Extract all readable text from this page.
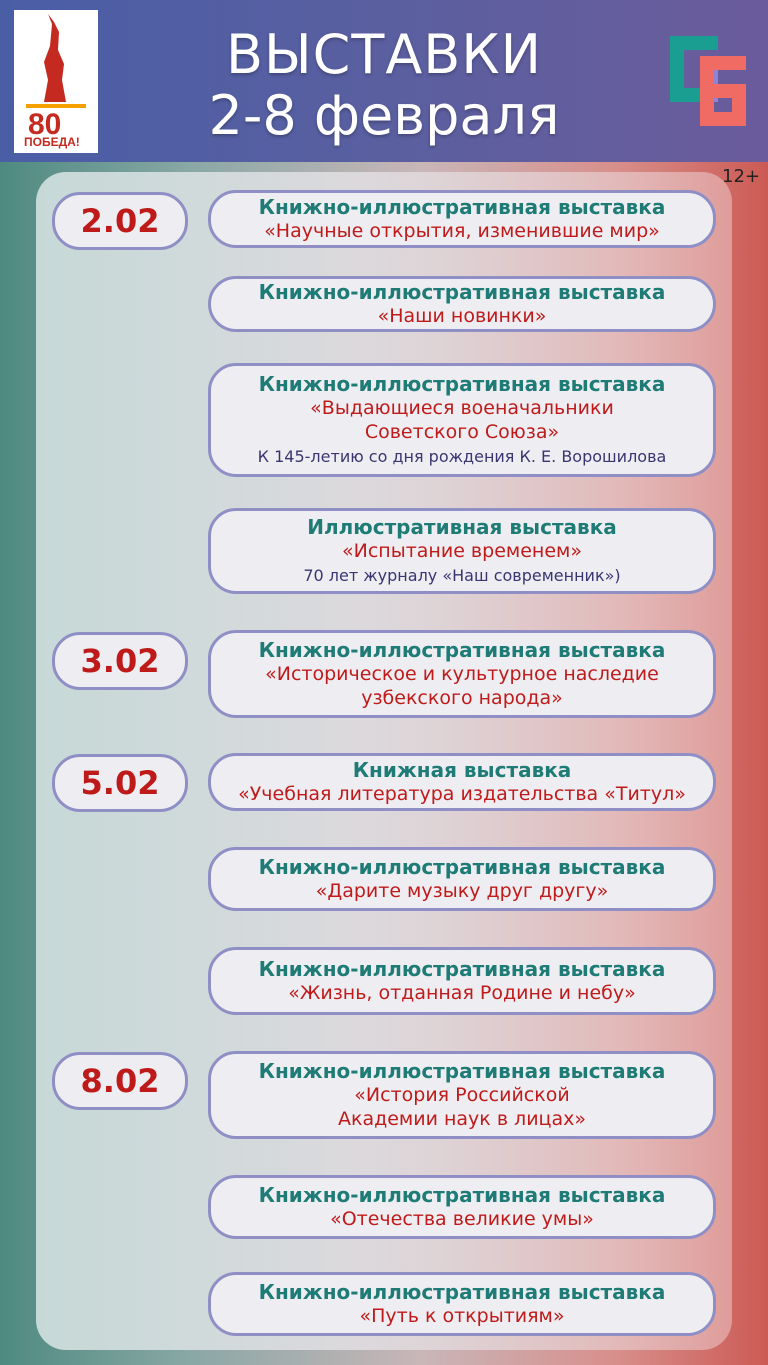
80
ПОБЕДА!
ВЫСТАВКИ
2-8 февраля
12+
2.02
3.02
5.02
8.02
Книжно-иллюстративная выставка
«Научные открытия, изменившие мир»
Книжно-иллюстративная выставка
«Наши новинки»
Книжно-иллюстративная выставка
«Выдающиеся военачальники
Советского Союза»
К 145-летию со дня рождения К. Е. Ворошилова
Иллюстративная выставка
«Испытание временем»
70 лет журналу «Наш современник»)
Книжно-иллюстративная выставка
«Историческое и культурное наследие
узбекского народа»
Книжная выставка
«Учебная литература издательства «Титул»
Книжно-иллюстративная выставка
«Дарите музыку друг другу»
Книжно-иллюстративная выставка
«Жизнь, отданная Родине и небу»
Книжно-иллюстративная выставка
«История Российской
Академии наук в лицах»
Книжно-иллюстративная выставка
«Отечества великие умы»
Книжно-иллюстративная выставка
«Путь к открытиям»
